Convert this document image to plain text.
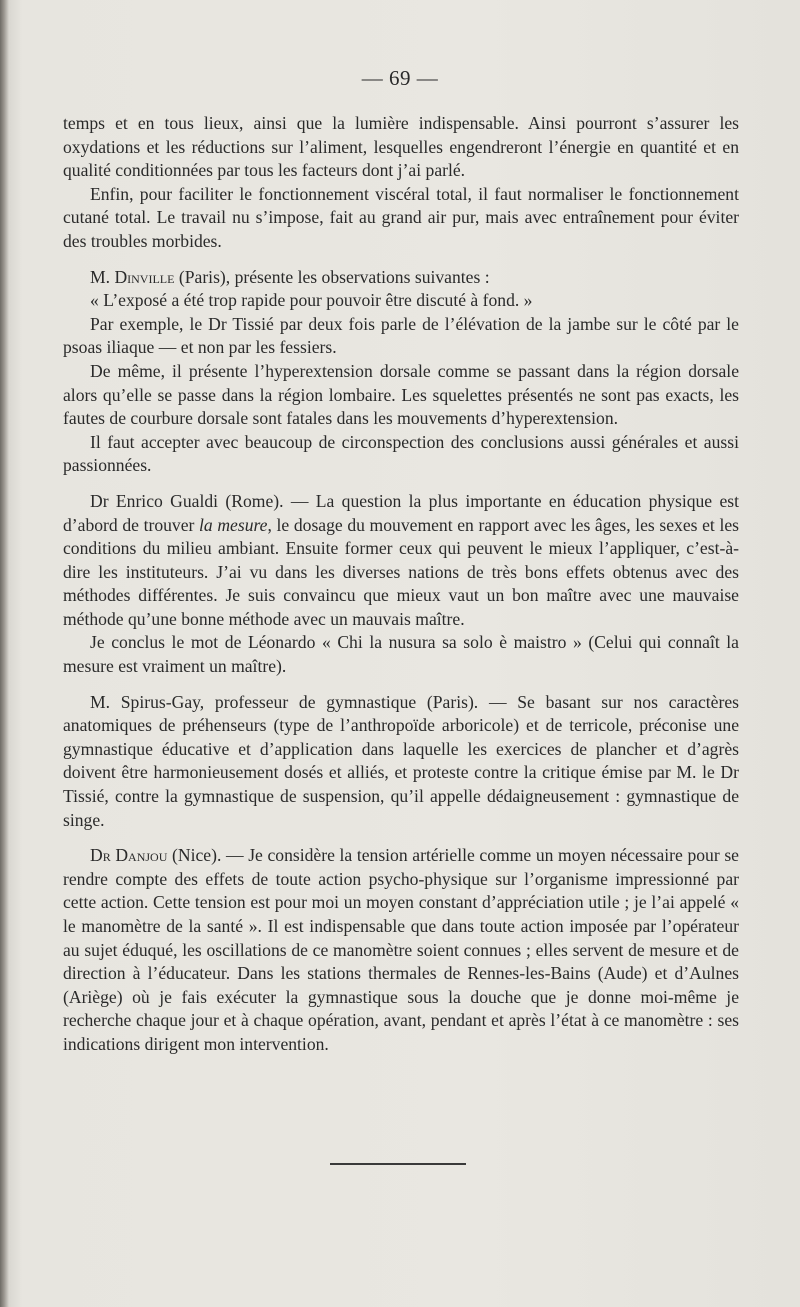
— 69 —

temps et en tous lieux, ainsi que la lumière indispensable. Ainsi pourront s’assurer les oxydations et les réductions sur l’aliment, lesquelles engendreront l’énergie en quantité et en qualité conditionnées par tous les facteurs dont j’ai parlé.

Enfin, pour faciliter le fonctionnement viscéral total, il faut normaliser le fonctionnement cutané total. Le travail nu s’impose, fait au grand air pur, mais avec entraînement pour éviter des troubles morbides.

M. Dinville (Paris), présente les observations suivantes :

« L’exposé a été trop rapide pour pouvoir être discuté à fond. »

Par exemple, le Dr Tissié par deux fois parle de l’élévation de la jambe sur le côté par le psoas iliaque — et non par les fessiers.

De même, il présente l’hyperextension dorsale comme se passant dans la région dorsale alors qu’elle se passe dans la région lombaire. Les squelettes présentés ne sont pas exacts, les fautes de courbure dorsale sont fatales dans les mouvements d’hyperextension.

Il faut accepter avec beaucoup de circonspection des conclusions aussi générales et aussi passionnées.

Dr Enrico Gualdi (Rome). — La question la plus importante en éducation physique est d’abord de trouver la mesure, le dosage du mouvement en rapport avec les âges, les sexes et les conditions du milieu ambiant. Ensuite former ceux qui peuvent le mieux l’appliquer, c’est-à-dire les instituteurs. J’ai vu dans les diverses nations de très bons effets obtenus avec des méthodes différentes. Je suis convaincu que mieux vaut un bon maître avec une mauvaise méthode qu’une bonne méthode avec un mauvais maître.

Je conclus le mot de Léonardo « Chi la nusura sa solo è maistro » (Celui qui connaît la mesure est vraiment un maître).

M. Spirus-Gay, professeur de gymnastique (Paris). — Se basant sur nos caractères anatomiques de préhenseurs (type de l’anthropoïde arboricole) et de terricole, préconise une gymnastique éducative et d’application dans laquelle les exercices de plancher et d’agrès doivent être harmonieusement dosés et alliés, et proteste contre la critique émise par M. le Dr Tissié, contre la gymnastique de suspension, qu’il appelle dédaigneusement : gymnastique de singe.

Dr Danjou (Nice). — Je considère la tension artérielle comme un moyen nécessaire pour se rendre compte des effets de toute action psycho-physique sur l’organisme impressionné par cette action. Cette tension est pour moi un moyen constant d’appréciation utile ; je l’ai appelé « le manomètre de la santé ». Il est indispensable que dans toute action imposée par l’opérateur au sujet éduqué, les oscillations de ce manomètre soient connues ; elles servent de mesure et de direction à l’éducateur. Dans les stations thermales de Rennes-les-Bains (Aude) et d’Aulnes (Ariège) où je fais exécuter la gymnastique sous la douche que je donne moi-même je recherche chaque jour et à chaque opération, avant, pendant et après l’état à ce manomètre : ses indications dirigent mon intervention.
